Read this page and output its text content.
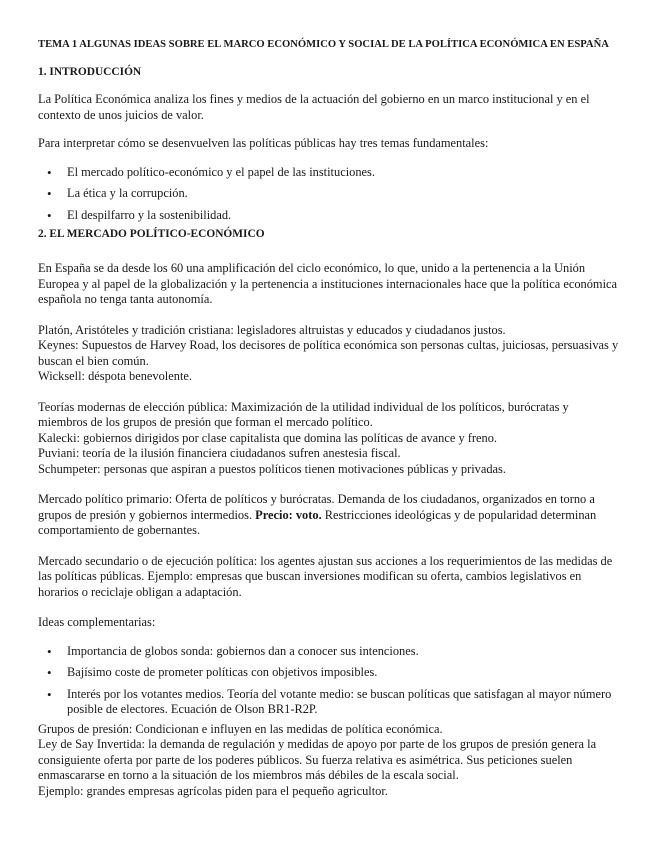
TEMA 1 ALGUNAS IDEAS SOBRE EL MARCO ECONÓMICO Y SOCIAL DE LA POLÍTICA ECONÓMICA EN ESPAÑA

1. INTRODUCCIÓN

La Política Económica analiza los fines y medios de la actuación del gobierno en un marco institucional y en el contexto de unos juicios de valor.

Para interpretar cómo se desenvuelven las políticas públicas hay tres temas fundamentales:

• El mercado político-económico y el papel de las instituciones.
• La ética y la corrupción.
• El despilfarro y la sostenibilidad.

2. EL MERCADO POLÍTICO-ECONÓMICO

En España se da desde los 60 una amplificación del ciclo económico, lo que, unido a la pertenencia a la Unión Europea y al papel de la globalización y la pertenencia a instituciones internacionales hace que la política económica española no tenga tanta autonomía.

Platón, Aristóteles y tradición cristiana: legisladores altruistas y educados y ciudadanos justos.

Keynes: Supuestos de Harvey Road, los decisores de política económica son personas cultas, juiciosas, persuasivas y buscan el bien común.

Wicksell: déspota benevolente.

Teorías modernas de elección pública: Maximización de la utilidad individual de los políticos, burócratas y miembros de los grupos de presión que forman el mercado político.

Kalecki: gobiernos dirigidos por clase capitalista que domina las políticas de avance y freno.

Puviani: teoría de la ilusión financiera ciudadanos sufren anestesia fiscal.

Schumpeter: personas que aspiran a puestos políticos tienen motivaciones públicas y privadas.

Mercado político primario: Oferta de políticos y burócratas. Demanda de los ciudadanos, organizados en torno a grupos de presión y gobiernos intermedios. Precio: voto. Restricciones ideológicas y de popularidad determinan comportamiento de gobernantes.

Mercado secundario o de ejecución política: los agentes ajustan sus acciones a los requerimientos de las medidas de las políticas públicas. Ejemplo: empresas que buscan inversiones modifican su oferta, cambios legislativos en horarios o reciclaje obligan a adaptación.

Ideas complementarias:

• Importancia de globos sonda: gobiernos dan a conocer sus intenciones.
• Bajísimo coste de prometer políticas con objetivos imposibles.
• Interés por los votantes medios. Teoría del votante medio: se buscan políticas que satisfagan al mayor número posible de electores. Ecuación de Olson BR1-R2P.

Grupos de presión: Condicionan e influyen en las medidas de política económica.

Ley de Say Invertida: la demanda de regulación y medidas de apoyo por parte de los grupos de presión genera la consiguiente oferta por parte de los poderes públicos. Su fuerza relativa es asimétrica. Sus peticiones suelen enmascararse en torno a la situación de los miembros más débiles de la escala social.

Ejemplo: grandes empresas agrícolas piden para el pequeño agricultor.
